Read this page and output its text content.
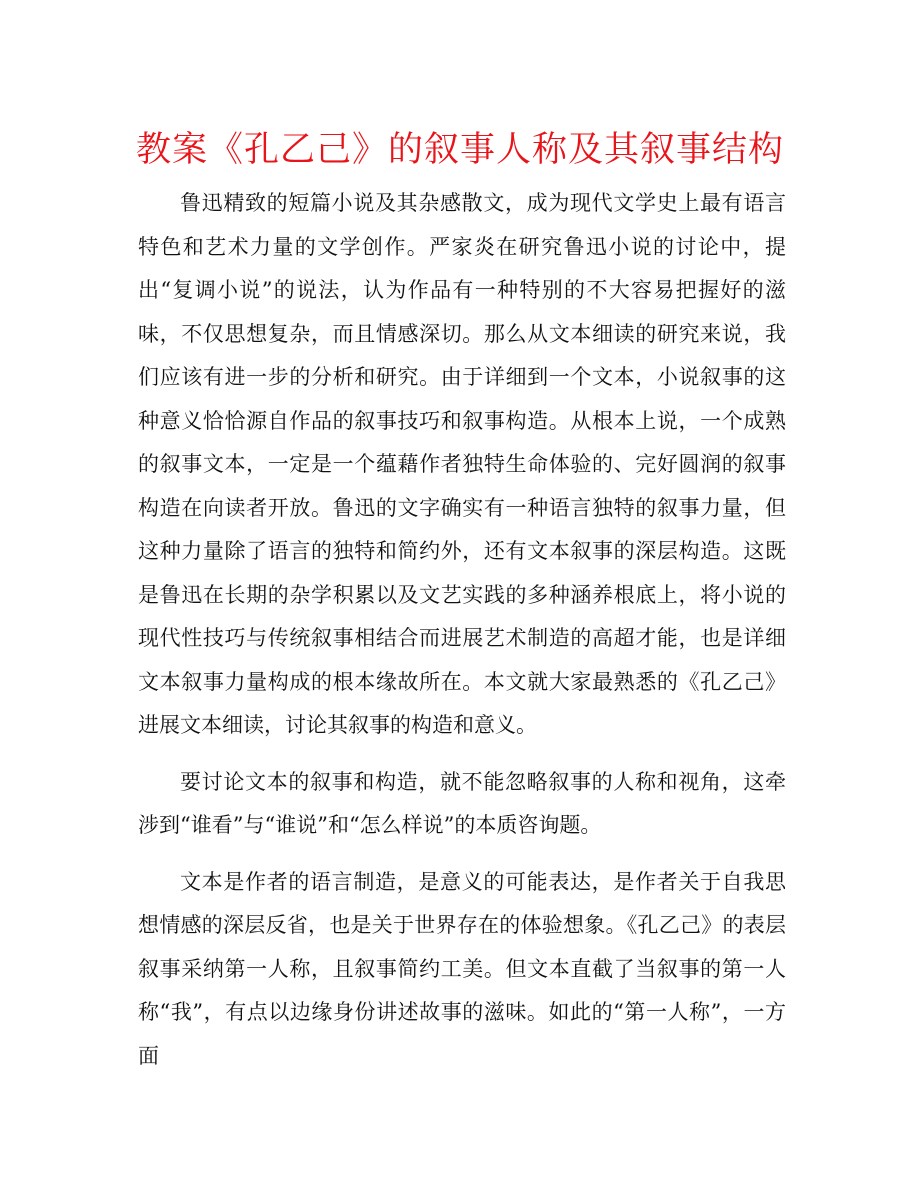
教案《孔乙己》的叙事人称及其叙事结构

鲁迅精致的短篇小说及其杂感散文，成为现代文学史上最有语言特色和艺术力量的文学创作。严家炎在研究鲁迅小说的讨论中，提出“复调小说”的说法，认为作品有一种特别的不大容易把握好的滋味，不仅思想复杂，而且情感深切。那么从文本细读的研究来说，我们应该有进一步的分析和研究。由于详细到一个文本，小说叙事的这种意义恰恰源自作品的叙事技巧和叙事构造。从根本上说，一个成熟的叙事文本，一定是一个蕴藉作者独特生命体验的、完好圆润的叙事构造在向读者开放。鲁迅的文字确实有一种语言独特的叙事力量，但这种力量除了语言的独特和简约外，还有文本叙事的深层构造。这既是鲁迅在长期的杂学积累以及文艺实践的多种涵养根底上，将小说的现代性技巧与传统叙事相结合而进展艺术制造的高超才能，也是详细文本叙事力量构成的根本缘故所在。本文就大家最熟悉的《孔乙己》进展文本细读，讨论其叙事的构造和意义。

要讨论文本的叙事和构造，就不能忽略叙事的人称和视角，这牵涉到“谁看”与“谁说”和“怎么样说”的本质咨询题。

文本是作者的语言制造，是意义的可能表达，是作者关于自我思想情感的深层反省，也是关于世界存在的体验想象。《孔乙己》的表层叙事采纳第一人称，且叙事简约工美。但文本直截了当叙事的第一人称“我”，有点以边缘身份讲述故事的滋味。如此的“第一人称”，一方面
